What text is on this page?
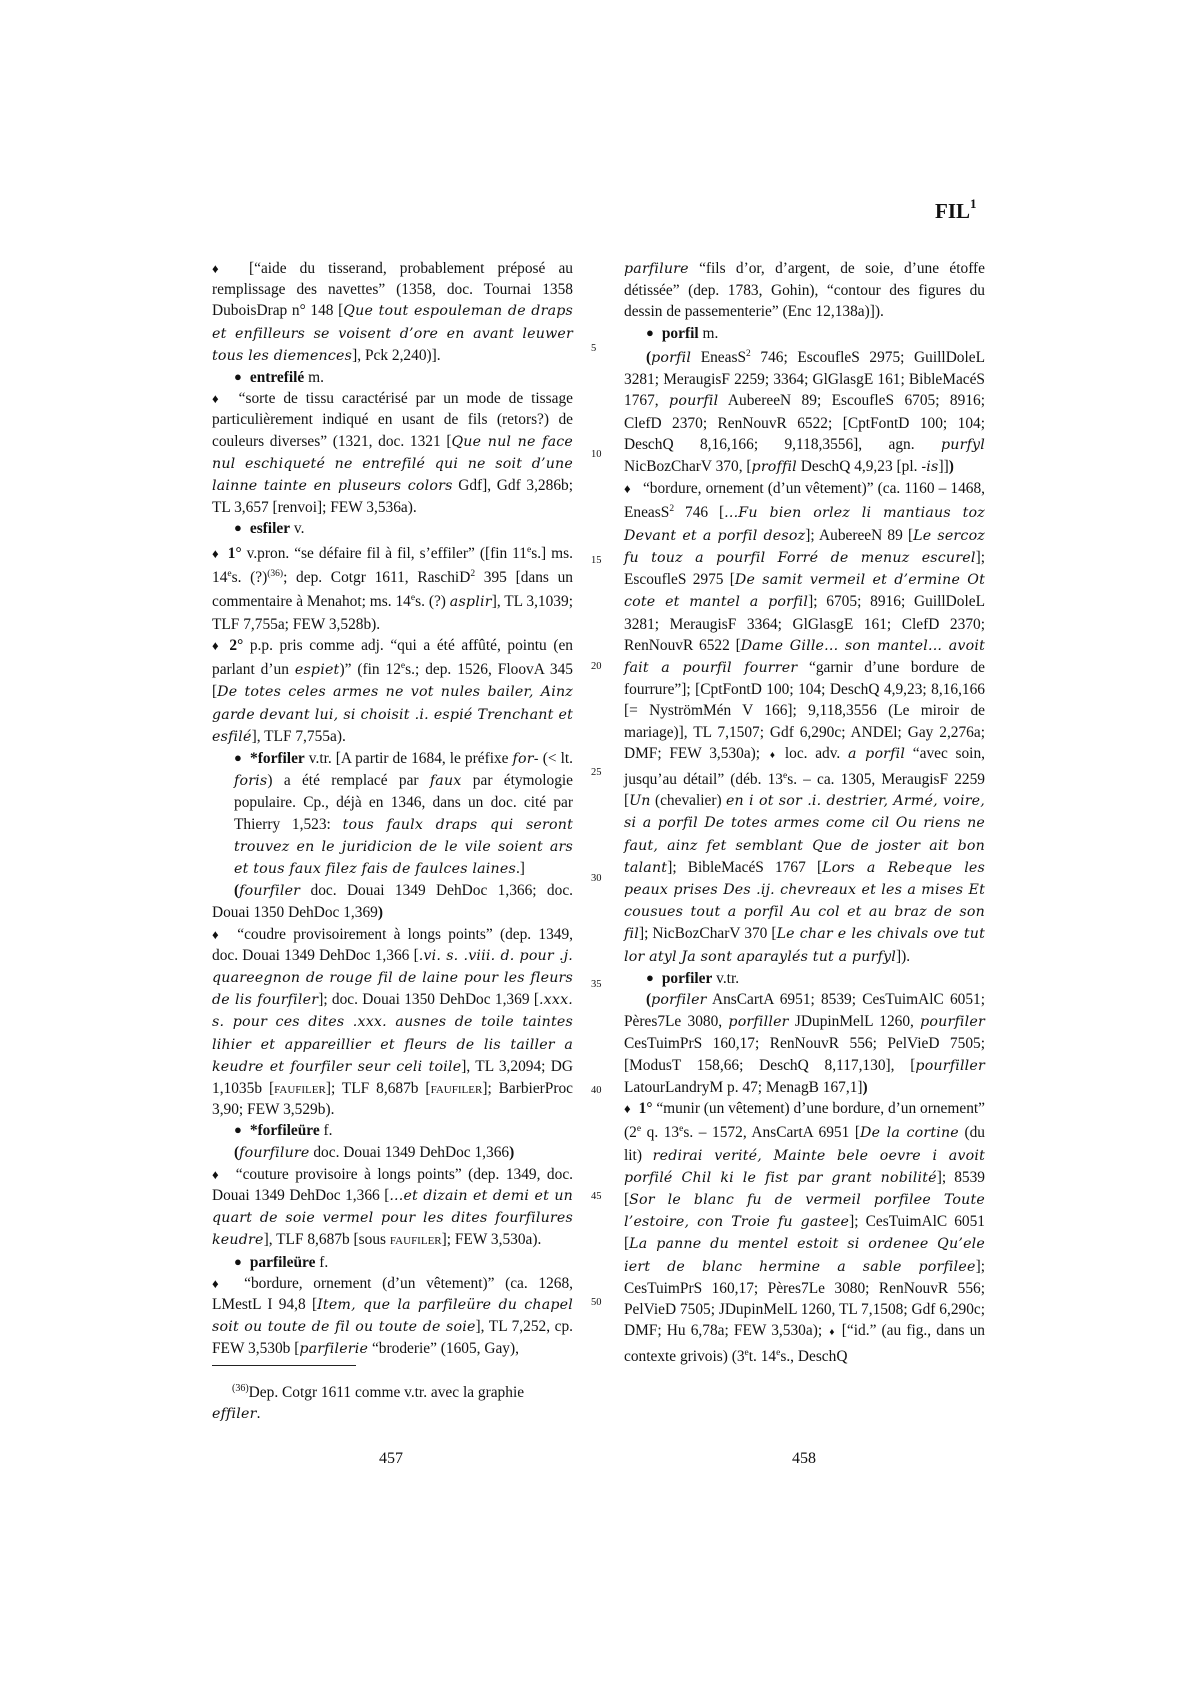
FIL$^1$

♦ [“aide du tisserand, probablement préposé au remplissage des navettes” (1358, doc. Tournai 1358 DuboisDrap n° 148 [Que tout espouleman de draps et enfilleurs se voisent d’ore en avant leuwer tous les diemences], Pck 2,240)].

● entrefilé m.

♦ “sorte de tissu caractérisé par un mode de tissage particulièrement indiqué en usant de fils (retors?) de couleurs diverses” (1321, doc. 1321 [Que nul ne face nul eschiqueté ne entrefilé qui ne soit d’une lainne tainte en pluseurs colors Gdf], Gdf 3,286b; TL 3,657 [renvoi]; FEW 3,536a).

● esfiler v.

♦ 1° v.pron. “se défaire fil à fil, s’effiler” ([fin 11es.] ms. 14es. (?)$^{(36)}$; dep. Cotgr 1611, RaschiD$^2$ 395 [dans un commentaire à Menahot; ms. 14es. (?) asplir], TL 3,1039; TLF 7,755a; FEW 3,528b).

♦ 2° p.p. pris comme adj. “qui a été affûté, pointu (en parlant d’un espiet)” (fin 12es.; dep. 1526, FloovA 345 [De totes celes armes ne vot nules bailer, Ainz garde devant lui, si choisit .i. espié Trenchant et esfilé], TLF 7,755a).

● *forfiler v.tr. [A partir de 1684, le préfixe for- (< lt. foris) a été remplacé par faux par étymologie populaire. Cp., déjà en 1346, dans un doc. cité par Thierry 1,523: tous faulx draps qui seront trouvez en le juridicion de le vile soient ars et tous faux filez fais de faulces laines.]

(fourfiler doc. Douai 1349 DehDoc 1,366; doc. Douai 1350 DehDoc 1,369)

♦ “coudre provisoirement à longs points” (dep. 1349, doc. Douai 1349 DehDoc 1,366 [.vi. s. .viii. d. pour .j. quareegnon de rouge fil de laine pour les fleurs de lis fourfiler]; doc. Douai 1350 DehDoc 1,369 [.xxx. s. pour ces dites .xxx. ausnes de toile taintes lihier et appareillier et fleurs de lis tailler a keudre et fourfiler seur celi toile], TL 3,2094; DG 1,1035b [faufiler]; TLF 8,687b [faufiler]; BarbierProc 3,90; FEW 3,529b).

● *forfileüre f.

(fourfilure doc. Douai 1349 DehDoc 1,366)

♦ “couture provisoire à longs points” (dep. 1349, doc. Douai 1349 DehDoc 1,366 [...et dizain et demi et un quart de soie vermel pour les dites fourfilures keudre], TLF 8,687b [sous faufiler]; FEW 3,530a).

● parfileüre f.

♦ “bordure, ornement (d’un vêtement)” (ca. 1268, LMestL I 94,8 [Item, que la parfileüre du chapel soit ou toute de fil ou toute de soie], TL 7,252, cp. FEW 3,530b [parfilerie “broderie” (1605, Gay),

5
10
15
20
25
30
35
40
45
50

parfilure “fils d’or, d’argent, de soie, d’une étoffe détissée” (dep. 1783, Gohin), “contour des figures du dessin de passementerie” (Enc 12,138a)]).

● porfil m.

(porfil EneasS$^2$ 746; EscoufleS 2975; GuillDoleL 3281; MeraugisF 2259; 3364; GlGlasgE 161; BibleMacéS 1767, pourfil AubereeN 89; EscoufleS 6705; 8916; ClefD 2370; RenNouvR 6522; [CptFontD 100; 104; DeschQ 8,16,166; 9,118,3556], agn. purfyl NicBozCharV 370, [proffil DeschQ 4,9,23 [pl. -is]])

♦ “bordure, ornement (d’un vêtement)” (ca. 1160 – 1468, EneasS$^2$ 746 [...Fu bien orlez li mantiaus toz Devant et a porfil desoz]; AubereeN 89 [Le sercoz fu touz a pourfil Forré de menuz escurel]; EscoufleS 2975 [De samit vermeil et d’ermine Ot cote et mantel a porfil]; 6705; 8916; GuillDoleL 3281; MeraugisF 3364; GlGlasgE 161; ClefD 2370; RenNouvR 6522 [Dame Gille... son mantel... avoit fait a pourfil fourrer “garnir d’une bordure de fourrure”]; [CptFontD 100; 104; DeschQ 4,9,23; 8,16,166 [= NyströmMén V 166]; 9,118,3556 (Le miroir de mariage)], TL 7,1507; Gdf 6,290c; ANDEl; Gay 2,276a; DMF; FEW 3,530a); ♦ loc. adv. a porfil “avec soin, jusqu’au détail” (déb. 13es. – ca. 1305, MeraugisF 2259 [Un (chevalier) en i ot sor .i. destrier, Armé, voire, si a porfil De totes armes come cil Ou riens ne faut, ainz fet semblant Que de joster ait bon talant]; BibleMacéS 1767 [Lors a Rebeque les peaux prises Des .ij. chevreaux et les a mises Et cousues tout a porfil Au col et au braz de son fil]; NicBozCharV 370 [Le char e les chivals ove tut lor atyl Ja sont aparaylés tut a purfyl]).

● porfiler v.tr.

(porfiler AnsCartA 6951; 8539; CesTuimAlC 6051; Pères7Le 3080, porfiller JDupinMelL 1260, pourfiler CesTuimPrS 160,17; RenNouvR 556; PelVieD 7505; [ModusT 158,66; DeschQ 8,117,130], [pourfiller LatourLandryM p. 47; MenagB 167,1])

♦ 1° “munir (un vêtement) d’une bordure, d’un ornement” (2e q. 13es. – 1572, AnsCartA 6951 [De la cortine (du lit) redirai verité, Mainte bele oevre i avoit porfilé Chil ki le fist par grant nobilité]; 8539 [Sor le blanc fu de vermeil porfilee Toute l’estoire, con Troie fu gastee]; CesTuimAlC 6051 [La panne du mentel estoit si ordenee Qu’ele iert de blanc hermine a sable porfilee]; CesTuimPrS 160,17; Pères7Le 3080; RenNouvR 556; PelVieD 7505; JDupinMelL 1260, TL 7,1508; Gdf 6,290c; DMF; Hu 6,78a; FEW 3,530a); ♦ [“id.” (au fig., dans un contexte grivois) (3et. 14es., DeschQ

$^{(36)}$Dep. Cotgr 1611 comme v.tr. avec la graphie effiler.
457	458
